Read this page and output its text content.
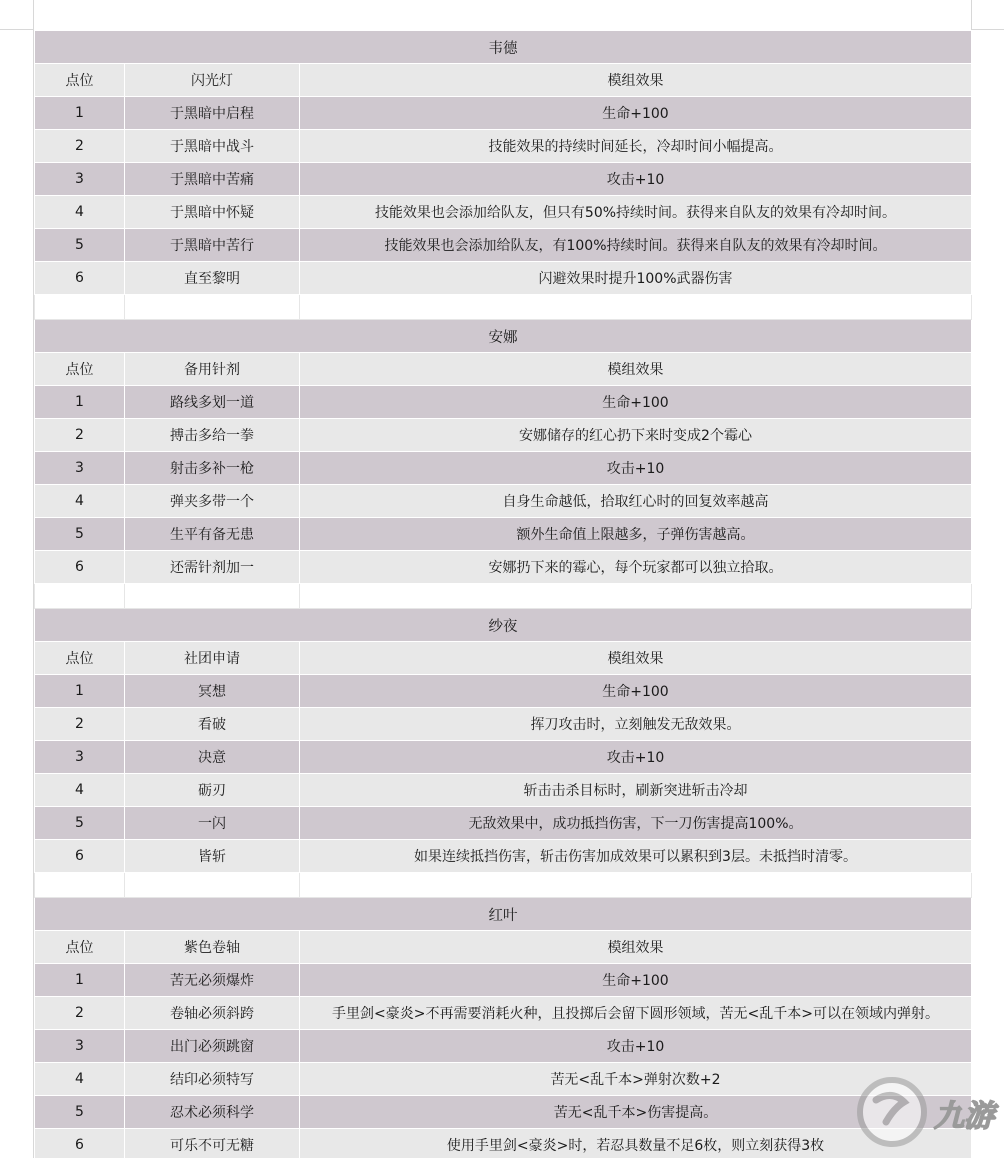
韦德		
点位	闪光灯	模组效果
1	于黑暗中启程	生命+100
2	于黑暗中战斗	技能效果的持续时间延长，冷却时间小幅提高。
3	于黑暗中苦痛	攻击+10
4	于黑暗中怀疑	技能效果也会添加给队友，但只有50%持续时间。获得来自队友的效果有冷却时间。
5	于黑暗中苦行	技能效果也会添加给队友，有100%持续时间。获得来自队友的效果有冷却时间。
6	直至黎明	闪避效果时提升100%武器伤害

安娜		
点位	备用针剂	模组效果
1	路线多划一道	生命+100
2	搏击多给一拳	安娜储存的红心扔下来时变成2个霉心
3	射击多补一枪	攻击+10
4	弹夹多带一个	自身生命越低，拾取红心时的回复效率越高
5	生平有备无患	额外生命值上限越多，子弹伤害越高。
6	还需针剂加一	安娜扔下来的霉心，每个玩家都可以独立拾取。

纱夜		
点位	社团申请	模组效果
1	冥想	生命+100
2	看破	挥刀攻击时，立刻触发无敌效果。
3	决意	攻击+10
4	砺刃	斩击击杀目标时，刷新突进斩击冷却
5	一闪	无敌效果中，成功抵挡伤害，下一刀伤害提高100%。
6	皆斩	如果连续抵挡伤害，斩击伤害加成效果可以累积到3层。未抵挡时清零。

红叶		
点位	紫色卷轴	模组效果
1	苦无必须爆炸	生命+100
2	卷轴必须斜跨	手里剑<豪炎>不再需要消耗火种，且投掷后会留下圆形领域，苦无<乱千本>可以在领域内弹射。
3	出门必须跳窗	攻击+10
4	结印必须特写	苦无<乱千本>弹射次数+2
5	忍术必须科学	苦无<乱千本>伤害提高。
6	可乐不可无糖	使用手里剑<豪炎>时，若忍具数量不足6枚，则立刻获得3枚
九游
